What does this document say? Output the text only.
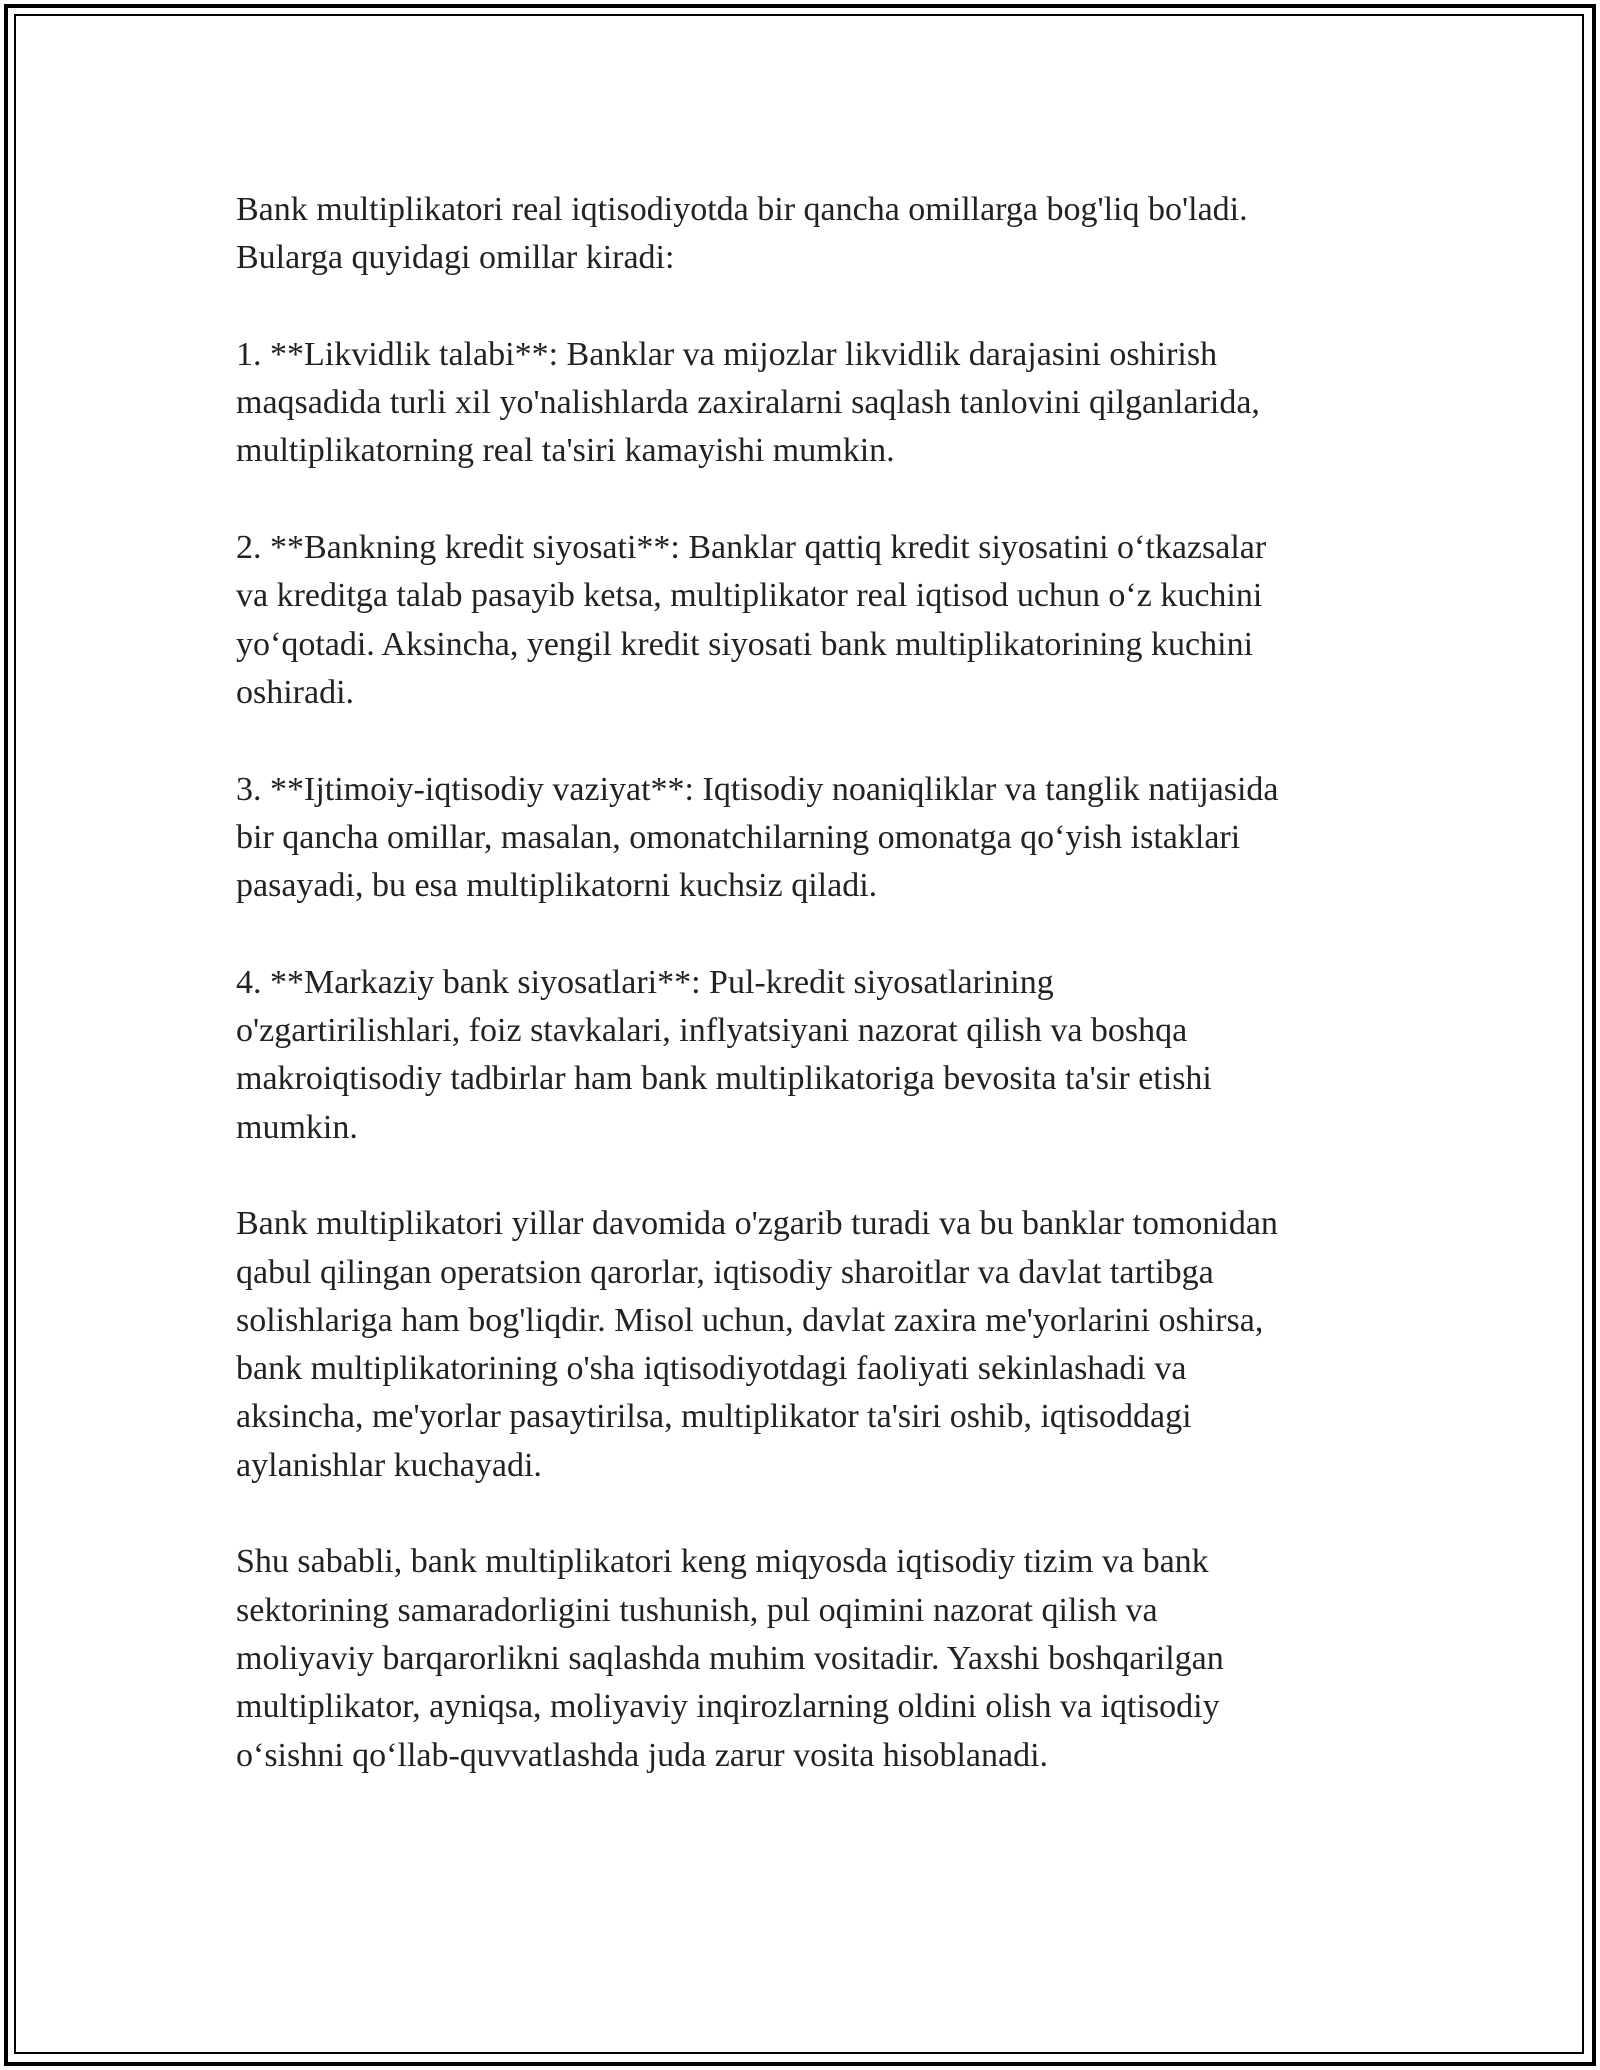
Bank multiplikatori real iqtisodiyotda bir qancha omillarga bog'liq bo'ladi.
Bularga quyidagi omillar kiradi:

1. **Likvidlik talabi**: Banklar va mijozlar likvidlik darajasini oshirish
maqsadida turli xil yo'nalishlarda zaxiralarni saqlash tanlovini qilganlarida,
multiplikatorning real ta'siri kamayishi mumkin.

2. **Bankning kredit siyosati**: Banklar qattiq kredit siyosatini o‘tkazsalar
va kreditga talab pasayib ketsa, multiplikator real iqtisod uchun o‘z kuchini
yo‘qotadi. Aksincha, yengil kredit siyosati bank multiplikatorining kuchini
oshiradi.

3. **Ijtimoiy-iqtisodiy vaziyat**: Iqtisodiy noaniqliklar va tanglik natijasida
bir qancha omillar, masalan, omonatchilarning omonatga qo‘yish istaklari
pasayadi, bu esa multiplikatorni kuchsiz qiladi.

4. **Markaziy bank siyosatlari**: Pul-kredit siyosatlarining
o'zgartirilishlari, foiz stavkalari, inflyatsiyani nazorat qilish va boshqa
makroiqtisodiy tadbirlar ham bank multiplikatoriga bevosita ta'sir etishi
mumkin.

Bank multiplikatori yillar davomida o'zgarib turadi va bu banklar tomonidan
qabul qilingan operatsion qarorlar, iqtisodiy sharoitlar va davlat tartibga
solishlariga ham bog'liqdir. Misol uchun, davlat zaxira me'yorlarini oshirsa,
bank multiplikatorining o'sha iqtisodiyotdagi faoliyati sekinlashadi va
aksincha, me'yorlar pasaytirilsa, multiplikator ta'siri oshib, iqtisoddagi
aylanishlar kuchayadi.

Shu sababli, bank multiplikatori keng miqyosda iqtisodiy tizim va bank
sektorining samaradorligini tushunish, pul oqimini nazorat qilish va
moliyaviy barqarorlikni saqlashda muhim vositadir. Yaxshi boshqarilgan
multiplikator, ayniqsa, moliyaviy inqirozlarning oldini olish va iqtisodiy
o‘sishni qo‘llab-quvvatlashda juda zarur vosita hisoblanadi.
